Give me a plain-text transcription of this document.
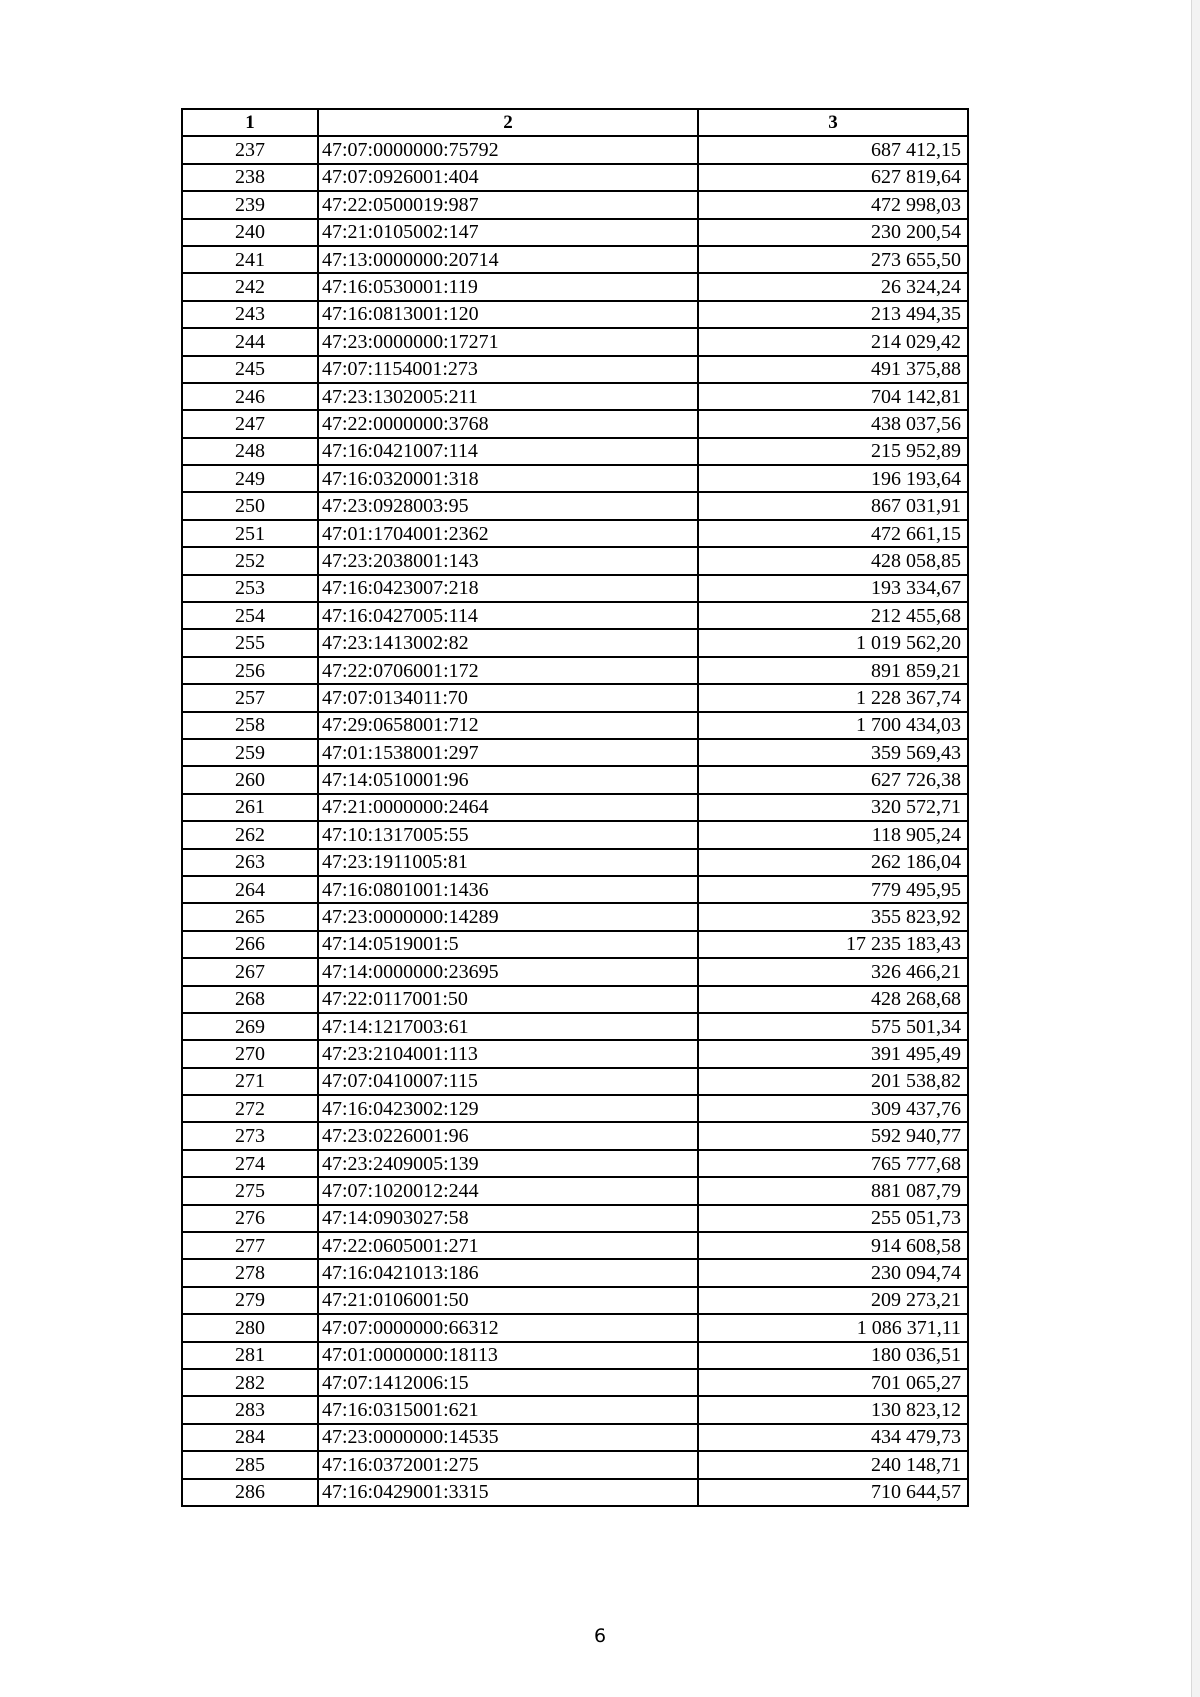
1	2	3
237	47:07:0000000:75792	687 412,15
238	47:07:0926001:404	627 819,64
239	47:22:0500019:987	472 998,03
240	47:21:0105002:147	230 200,54
241	47:13:0000000:20714	273 655,50
242	47:16:0530001:119	26 324,24
243	47:16:0813001:120	213 494,35
244	47:23:0000000:17271	214 029,42
245	47:07:1154001:273	491 375,88
246	47:23:1302005:211	704 142,81
247	47:22:0000000:3768	438 037,56
248	47:16:0421007:114	215 952,89
249	47:16:0320001:318	196 193,64
250	47:23:0928003:95	867 031,91
251	47:01:1704001:2362	472 661,15
252	47:23:2038001:143	428 058,85
253	47:16:0423007:218	193 334,67
254	47:16:0427005:114	212 455,68
255	47:23:1413002:82	1 019 562,20
256	47:22:0706001:172	891 859,21
257	47:07:0134011:70	1 228 367,74
258	47:29:0658001:712	1 700 434,03
259	47:01:1538001:297	359 569,43
260	47:14:0510001:96	627 726,38
261	47:21:0000000:2464	320 572,71
262	47:10:1317005:55	118 905,24
263	47:23:1911005:81	262 186,04
264	47:16:0801001:1436	779 495,95
265	47:23:0000000:14289	355 823,92
266	47:14:0519001:5	17 235 183,43
267	47:14:0000000:23695	326 466,21
268	47:22:0117001:50	428 268,68
269	47:14:1217003:61	575 501,34
270	47:23:2104001:113	391 495,49
271	47:07:0410007:115	201 538,82
272	47:16:0423002:129	309 437,76
273	47:23:0226001:96	592 940,77
274	47:23:2409005:139	765 777,68
275	47:07:1020012:244	881 087,79
276	47:14:0903027:58	255 051,73
277	47:22:0605001:271	914 608,58
278	47:16:0421013:186	230 094,74
279	47:21:0106001:50	209 273,21
280	47:07:0000000:66312	1 086 371,11
281	47:01:0000000:18113	180 036,51
282	47:07:1412006:15	701 065,27
283	47:16:0315001:621	130 823,12
284	47:23:0000000:14535	434 479,73
285	47:16:0372001:275	240 148,71
286	47:16:0429001:3315	710 644,57
6
